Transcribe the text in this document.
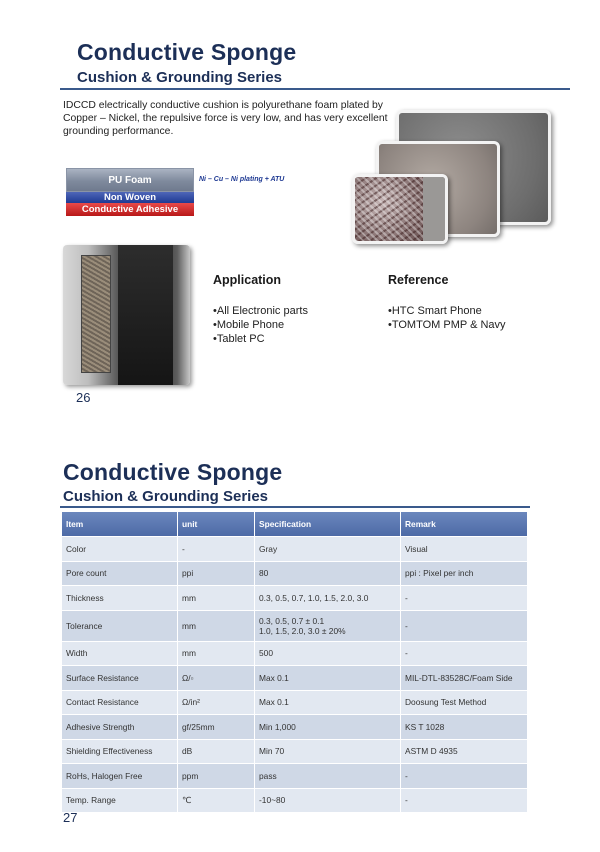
Conductive Sponge
Cushion & Grounding Series

IDCCD electrically conductive cushion is polyurethane foam plated by Copper – Nickel, the repulsive force is very low, and has very excellent grounding performance.

PU Foam
Non Woven
Conductive Adhesive
Ni – Cu – Ni plating + ATU
Application
•All Electronic parts
•Mobile Phone
•Tablet PC
Reference
•HTC Smart Phone
•TOMTOM PMP & Navy
26
Conductive Sponge
Cushion & Grounding Series
Item	unit	Specification	Remark
Color	-	Gray	Visual
Pore count	ppi	80	ppi : Pixel per inch
Thickness	mm	0.3, 0.5, 0.7, 1.0, 1.5, 2.0, 3.0	-
Tolerance	mm	0.3, 0.5, 0.7 ± 0.1
1.0, 1.5, 2.0, 3.0 ± 20%	-
Width	mm	500	-
Surface Resistance	Ω/▫	Max 0.1	MIL-DTL-83528C/Foam Side
Contact Resistance	Ω/in²	Max 0.1	Doosung Test Method
Adhesive Strength	gf/25mm	Min 1,000	KS T 1028
Shielding Effectiveness	dB	Min 70	ASTM D 4935
RoHs, Halogen Free	ppm	pass	-
Temp. Range	℃	-10~80	-
27
